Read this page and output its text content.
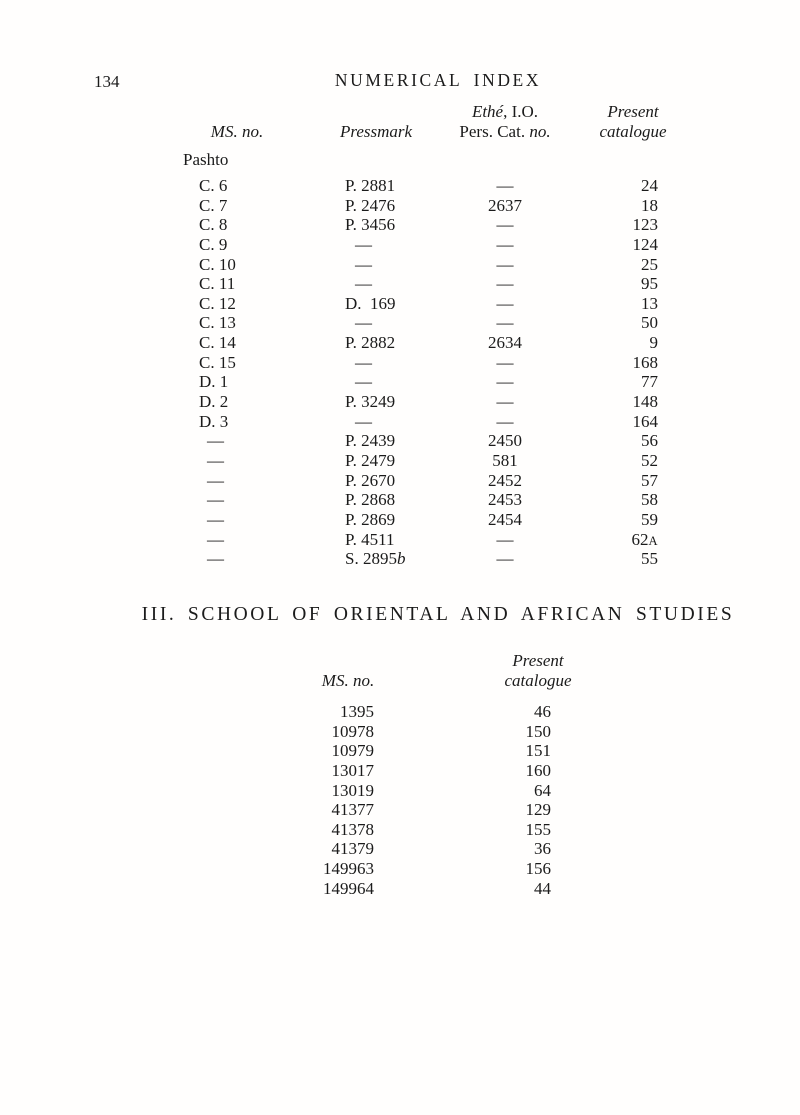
134	NUMERICAL INDEX
Ethé, I.O.	Present
MS. no.	Pressmark	Pers. Cat. no.	catalogue
Pashto
C. 6	P. 2881	—	24
C. 7	P. 2476	2637	18
C. 8	P. 3456	—	123
C. 9	—	—	124
C. 10	—	—	25
C. 11	—	—	95
C. 12	D.  169	—	13
C. 13	—	—	50
C. 14	P. 2882	2634	9
C. 15	—	—	168
D. 1	—	—	77
D. 2	P. 3249	—	148
D. 3	—	—	164
—	P. 2439	2450	56
—	P. 2479	581	52
—	P. 2670	2452	57
—	P. 2868	2453	58
—	P. 2869	2454	59
—	P. 4511	—	62A
—	S. 2895b	—	55
III. SCHOOL OF ORIENTAL AND AFRICAN STUDIES
Present
MS. no.	catalogue
1395	46
10978	150
10979	151
13017	160
13019	64
41377	129
41378	155
41379	36
149963	156
149964	44
